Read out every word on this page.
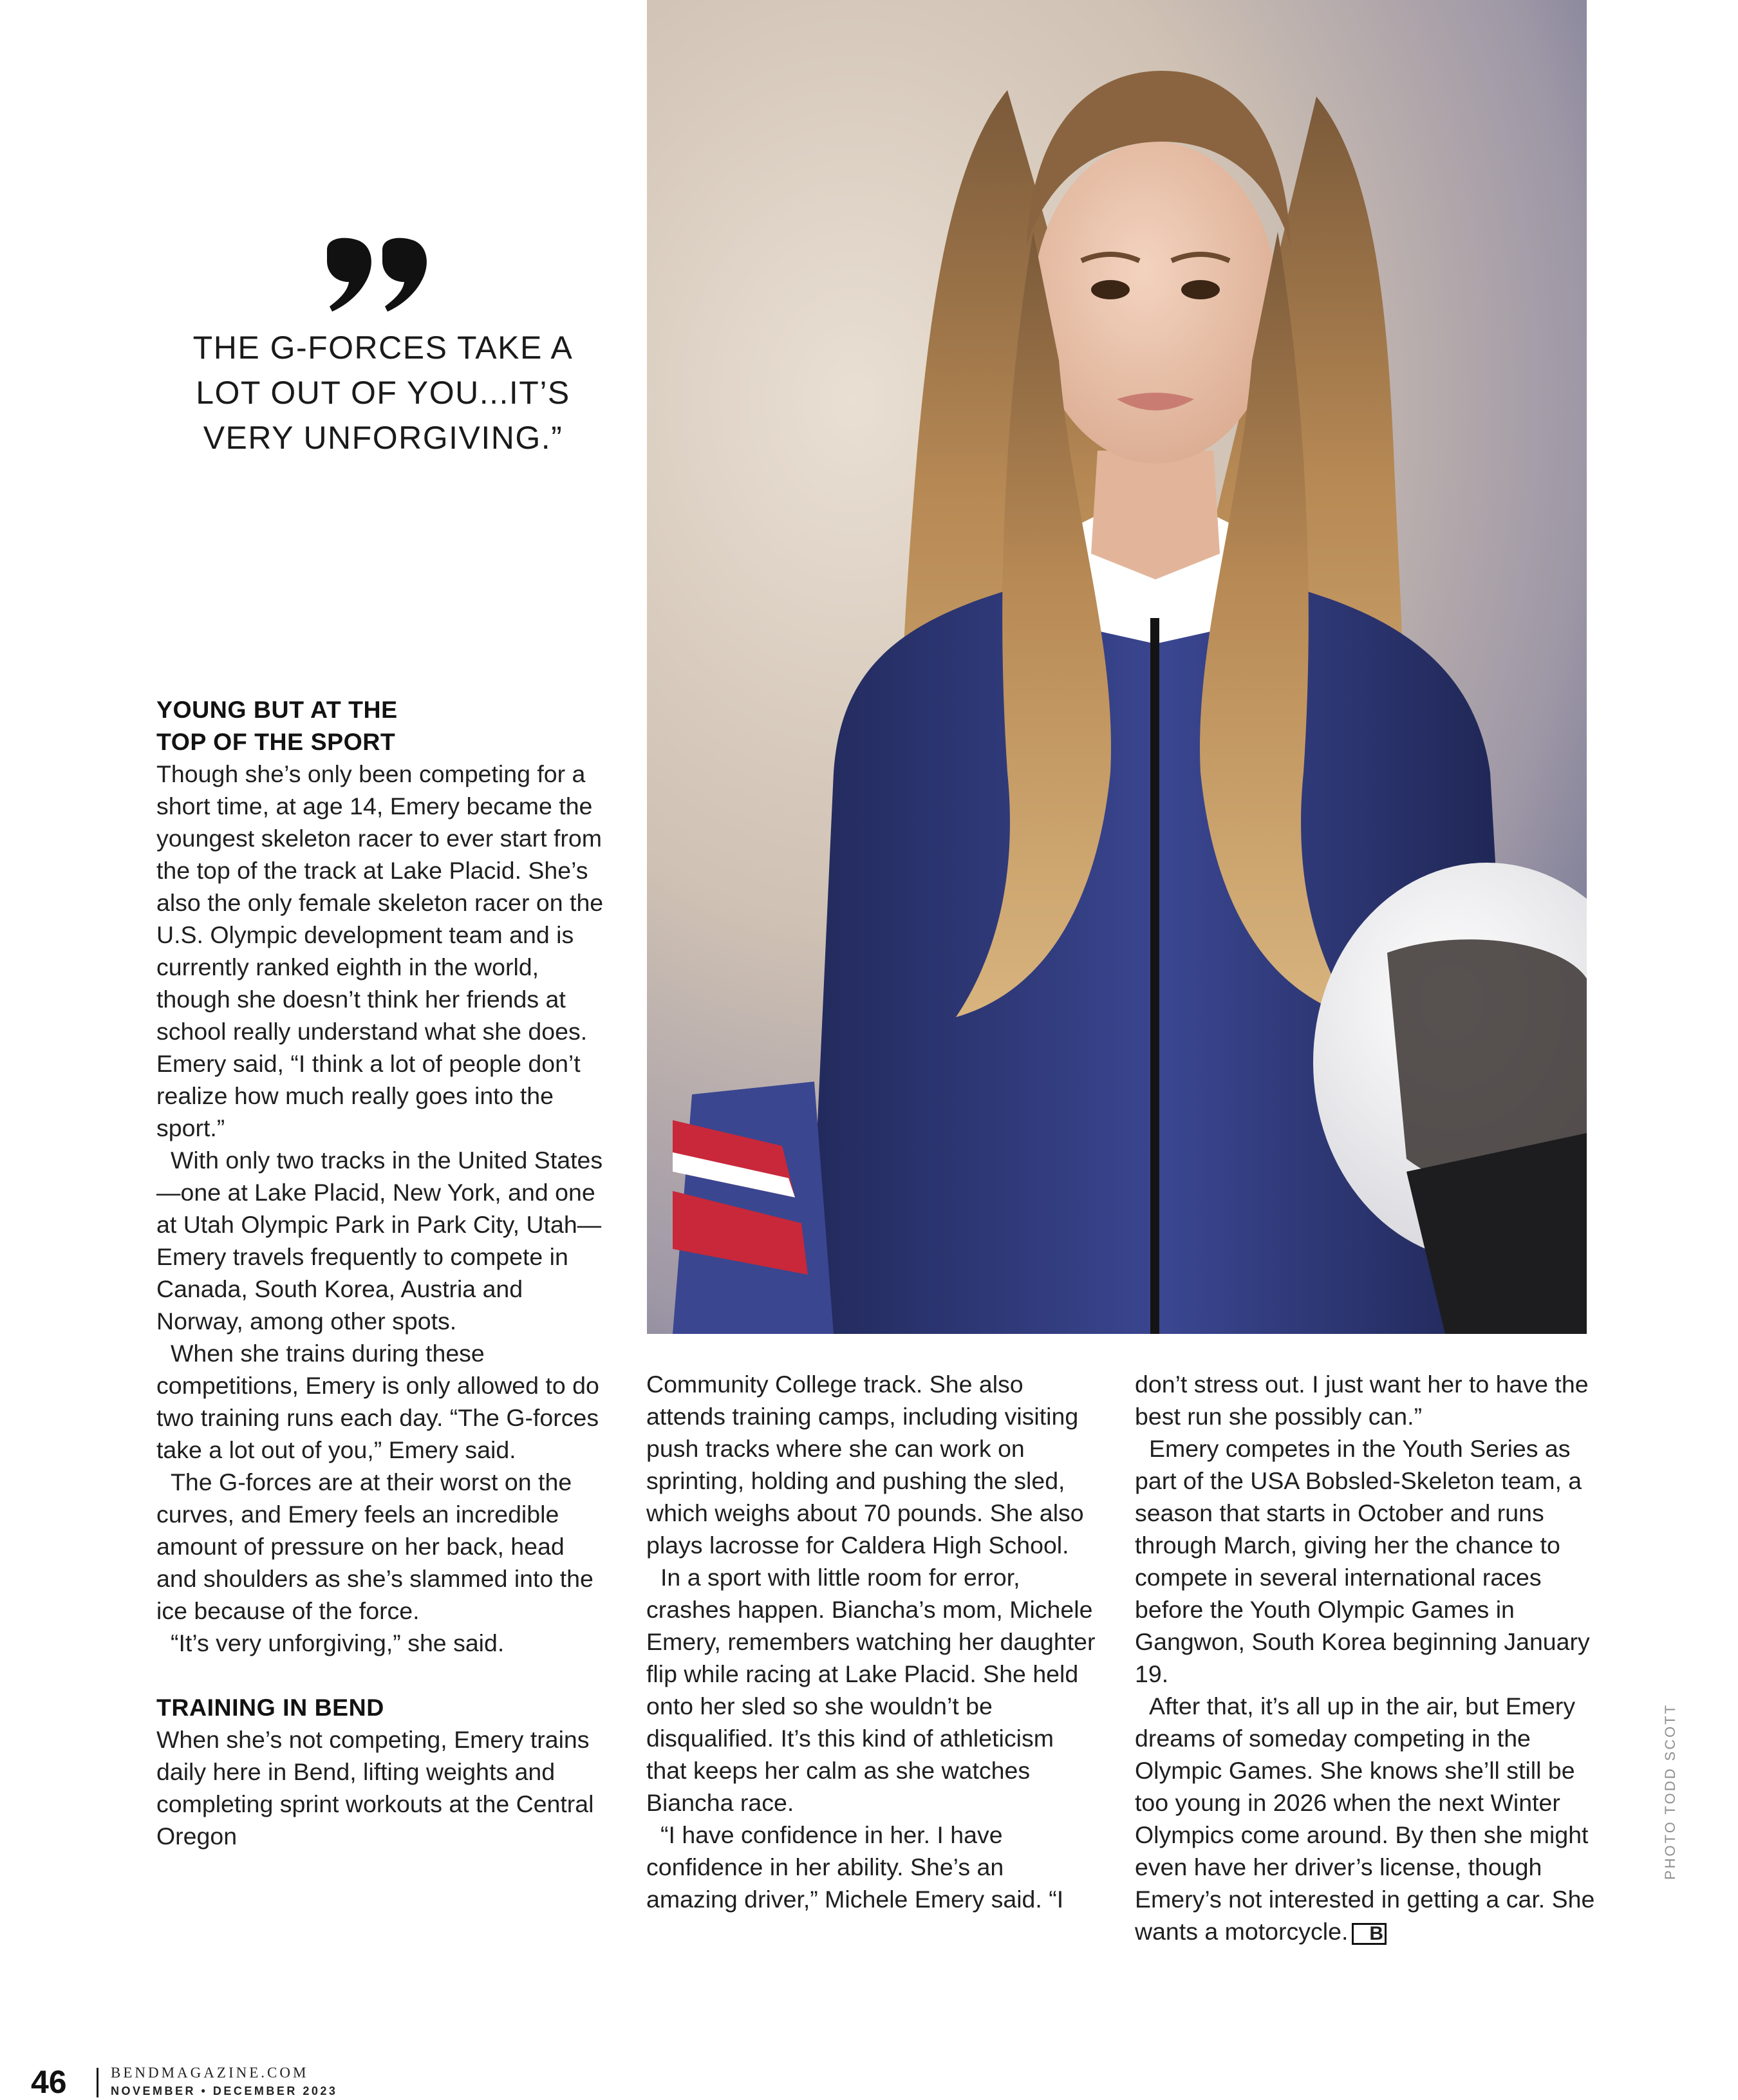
THE G-FORCES TAKE A
LOT OUT OF YOU...IT’S
VERY UNFORGIVING.”

YOUNG BUT AT THE
TOP OF THE SPORT

Though she’s only been competing for a short time, at age 14, Emery became the youngest skeleton racer to ever start from the top of the track at Lake Placid. She’s also the only female skeleton racer on the U.S. Olympic development team and is currently ranked eighth in the world, though she doesn’t think her friends at school really understand what she does. Emery said, “I think a lot of people don’t realize how much really goes into the sport.”

With only two tracks in the United States—one at Lake Placid, New York, and one at Utah Olympic Park in Park City, Utah—Emery travels frequently to compete in Canada, South Korea, Austria and Norway, among other spots.

When she trains during these competitions, Emery is only allowed to do two training runs each day. “The G-forces take a lot out of you,” Emery said.

The G-forces are at their worst on the curves, and Emery feels an incredible amount of pressure on her back, head and shoulders as she’s slammed into the ice because of the force.

“It’s very unforgiving,” she said.

TRAINING IN BEND

When she’s not competing, Emery trains daily here in Bend, lifting weights and completing sprint workouts at the Central Oregon

Community College track. She also attends training camps, including visiting push tracks where she can work on sprinting, holding and pushing the sled, which weighs about 70 pounds. She also plays lacrosse for Caldera High School.

In a sport with little room for error, crashes happen. Biancha’s mom, Michele Emery, remembers watching her daughter flip while racing at Lake Placid. She held onto her sled so she wouldn’t be disqualified. It’s this kind of athleticism that keeps her calm as she watches Biancha race.

“I have confidence in her. I have confidence in her ability. She’s an amazing driver,” Michele Emery said. “I

don’t stress out. I just want her to have the best run she possibly can.”

Emery competes in the Youth Series as part of the USA Bobsled-Skeleton team, a season that starts in October and runs through March, giving her the chance to compete in several international races before the Youth Olympic Games in Gangwon, South Korea beginning January 19.

After that, it’s all up in the air, but Emery dreams of someday competing in the Olympic Games. She knows she’ll still be too young in 2026 when the next Winter Olympics come around. By then she might even have her driver’s license, though Emery’s not interested in getting a car. She wants a motorcycle. B

PHOTO TODD SCOTT
46	BENDMAGAZINE.COM
NOVEMBER • DECEMBER 2023
